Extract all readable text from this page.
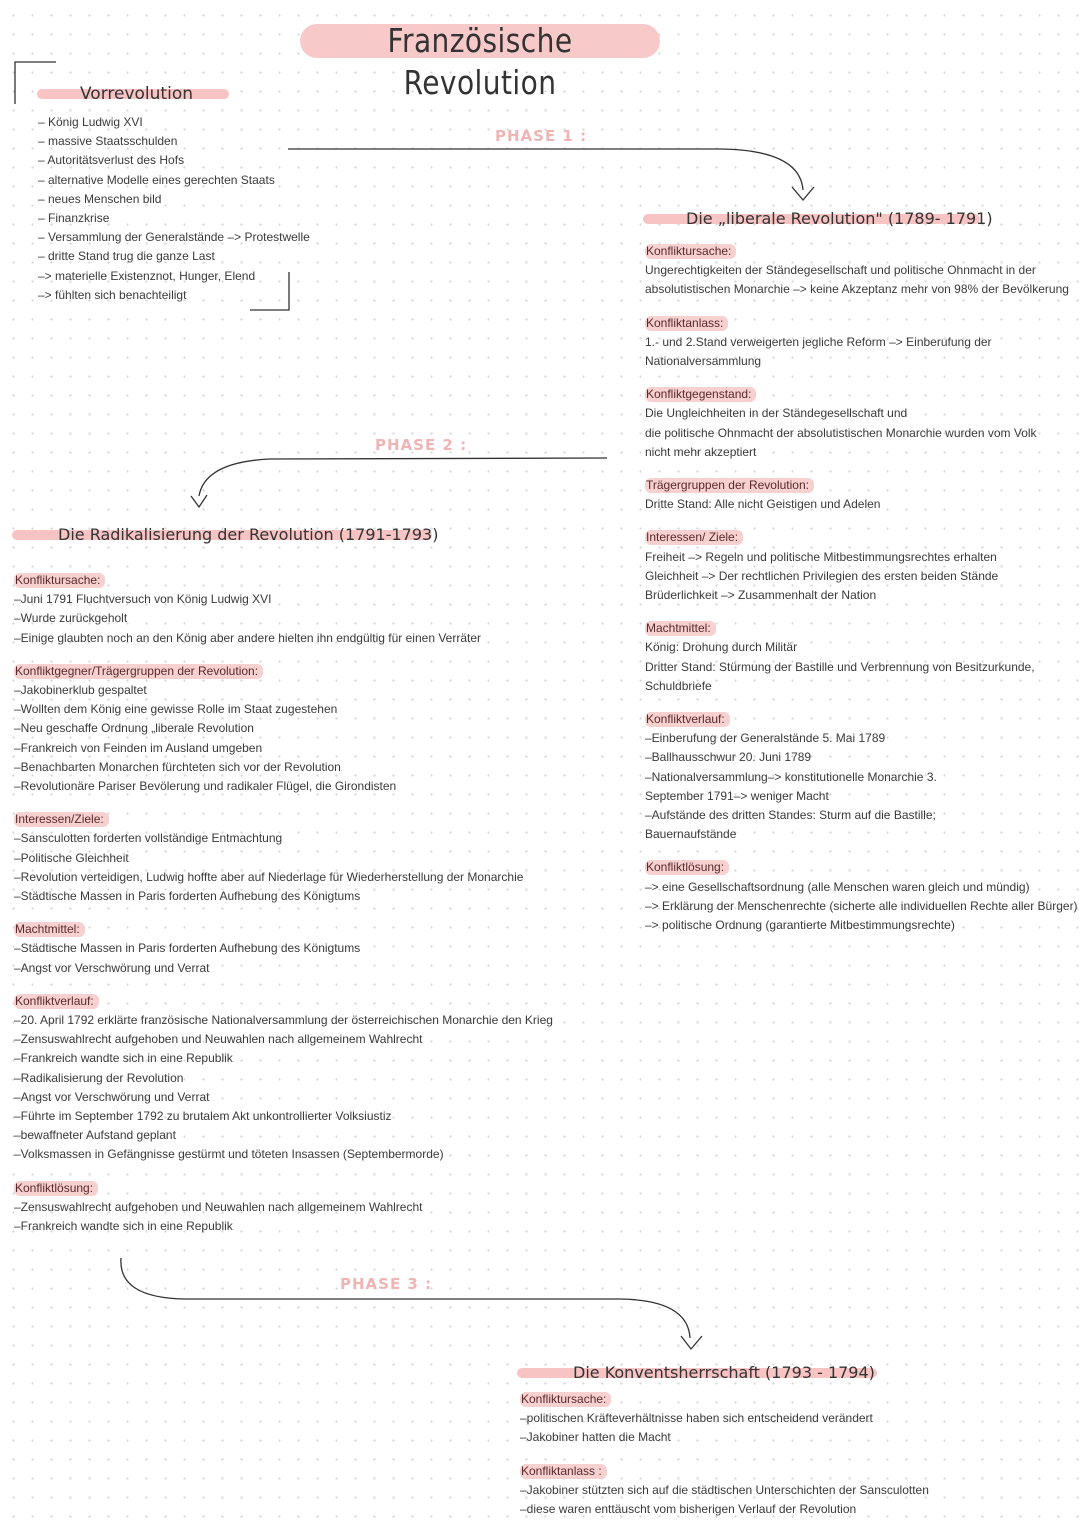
Französische Revolution
Vorrevolution
– König Ludwig XVI
– massive Staatsschulden
– Autoritätsverlust des Hofs
– alternative Modelle eines gerechten Staats
– neues Menschen bild
– Finanzkrise
– Versammlung der Generalstände –> Protestwelle
– dritte Stand trug die ganze Last
–> materielle Existenznot, Hunger, Elend
–> fühlten sich benachteiligt
PHASE 1 :
PHASE 2 :
PHASE 3 :
Die „liberale Revolution" (1789- 1791)
Konfliktursache:
Ungerechtigkeiten der Ständegesellschaft und politische Ohnmacht in der
absolutistischen Monarchie –> keine Akzeptanz mehr von 98% der Bevölkerung
Konfliktanlass:
1.- und 2.Stand verweigerten jegliche Reform –> Einberufung der
Nationalversammlung
Konfliktgegenstand:
Die Ungleichheiten in der Ständegesellschaft und
die politische Ohnmacht der absolutistischen Monarchie wurden vom Volk
nicht mehr akzeptiert
Trägergruppen der Revolution:
Dritte Stand: Alle nicht Geistigen und Adelen
Interessen/ Ziele:
Freiheit –> Regeln und politische Mitbestimmungsrechtes erhalten
Gleichheit –> Der rechtlichen Privilegien des ersten beiden Stände
Brüderlichkeit –> Zusammenhalt der Nation
Machtmittel:
König: Drohung durch Militär
Dritter Stand: Stürmung der Bastille und Verbrennung von Besitzurkunde,
Schuldbriefe
Konfliktverlauf:
–Einberufung der Generalstände 5. Mai 1789
–Ballhausschwur 20. Juni 1789
–Nationalversammlung–> konstitutionelle Monarchie 3.
September 1791–> weniger Macht
–Aufstände des dritten Standes: Sturm auf die Bastille;
Bauernaufstände
Konfliktlösung:
–> eine Gesellschaftsordnung (alle Menschen waren gleich und mündig)
–> Erklärung der Menschenrechte (sicherte alle individuellen Rechte aller Bürger)
–> politische Ordnung (garantierte Mitbestimmungsrechte)
Die Radikalisierung der Revolution (1791-1793)
Konfliktursache:
–Juni 1791 Fluchtversuch von König Ludwig XVI
–Wurde zurückgeholt
–Einige glaubten noch an den König aber andere hielten ihn endgültig für einen Verräter
Konfliktgegner/Trägergruppen der Revolution:
–Jakobinerklub gespaltet
–Wollten dem König eine gewisse Rolle im Staat zugestehen
–Neu geschaffe Ordnung „liberale Revolution
–Frankreich von Feinden im Ausland umgeben
–Benachbarten Monarchen fürchteten sich vor der Revolution
–Revolutionäre Pariser Bevölerung und radikaler Flügel, die Girondisten
Interessen/Ziele:
–Sansculotten forderten vollständige Entmachtung
–Politische Gleichheit
–Revolution verteidigen, Ludwig hoffte aber auf Niederlage für Wiederherstellung der Monarchie
–Städtische Massen in Paris forderten Aufhebung des Königtums
Machtmittel:
–Städtische Massen in Paris forderten Aufhebung des Königtums
–Angst vor Verschwörung und Verrat
Konfliktverlauf:
–20. April 1792 erklärte französische Nationalversammlung der österreichischen Monarchie den Krieg
–Zensuswahlrecht aufgehoben und Neuwahlen nach allgemeinem Wahlrecht
–Frankreich wandte sich in eine Republik
–Radikalisierung der Revolution
–Angst vor Verschwörung und Verrat
–Führte im September 1792 zu brutalem Akt unkontrollierter Volksiustiz
–bewaffneter Aufstand geplant
–Volksmassen in Gefängnisse gestürmt und töteten Insassen (Septembermorde)
Konfliktlösung:
–Zensuswahlrecht aufgehoben und Neuwahlen nach allgemeinem Wahlrecht
–Frankreich wandte sich in eine Republik
Die Konventsherrschaft (1793 - 1794)
Konfliktursache:
–politischen Kräfteverhältnisse haben sich entscheidend verändert
–Jakobiner hatten die Macht
Konfliktanlass :
–Jakobiner stützten sich auf die städtischen Unterschichten der Sansculotten
–diese waren enttäuscht vom bisherigen Verlauf der Revolution
